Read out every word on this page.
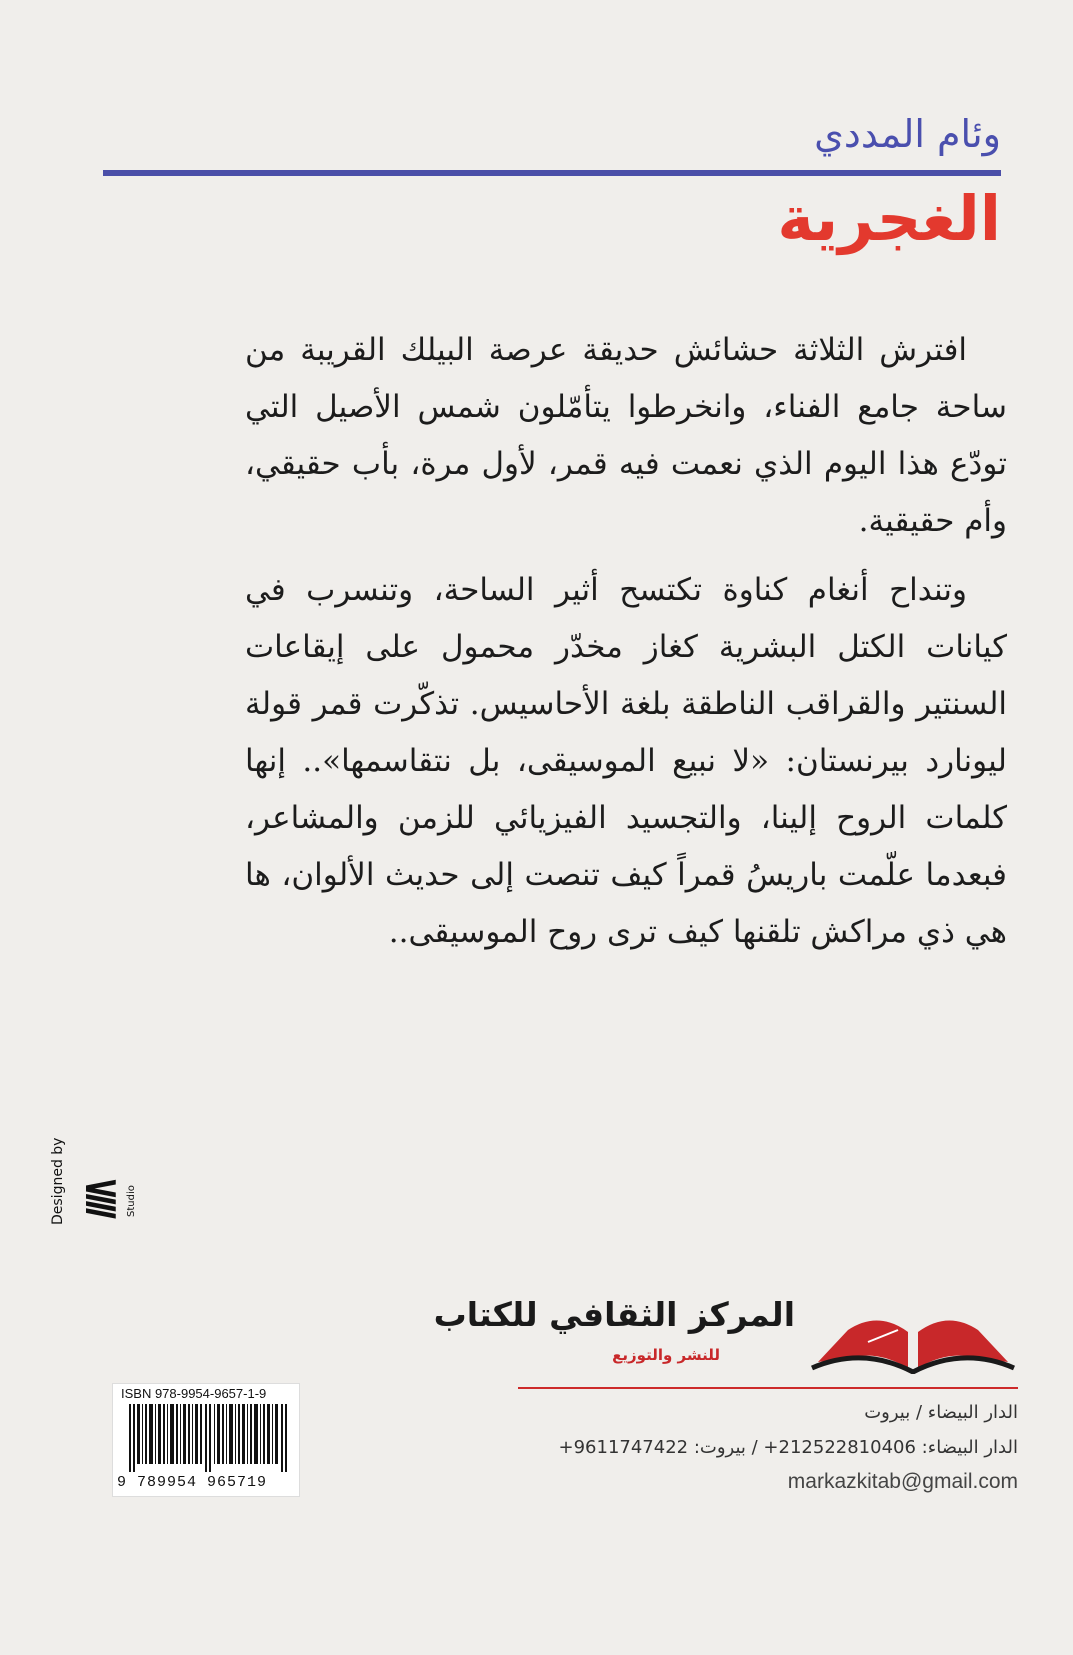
وئام المددي
الغجرية

افترش الثلاثة حشائش حديقة عرصة البيلك القريبة من ساحة جامع الفناء، وانخرطوا يتأمّلون شمس الأصيل التي تودّع هذا اليوم الذي نعمت فيه قمر، لأول مرة، بأب حقيقي، وأم حقيقية.

وتنداح أنغام كناوة تكتسح أثير الساحة، وتنسرب في كيانات الكتل البشرية كغاز مخدّر محمول على إيقاعات السنتير والقراقب الناطقة بلغة الأحاسيس. تذكّرت قمر قولة ليونارد بيرنستان: «لا نبيع الموسيقى، بل نتقاسمها».. إنها كلمات الروح إلينا، والتجسيد الفيزيائي للزمن والمشاعر، فبعدما علّمت باريسُ قمراً كيف تنصت إلى حديث الألوان، ها هي ذي مراكش تلقنها كيف ترى روح الموسيقى..

Designed by ////\ Studio
ISBN 978-9954-9657-1-9
9 789954 965719
المركز الثقافي للكتاب
للنشر والتوزيع
الدار البيضاء / بيروت
الدار البيضاء: 212522810406+ / بيروت: 9611747422+
markazkitab@gmail.com
